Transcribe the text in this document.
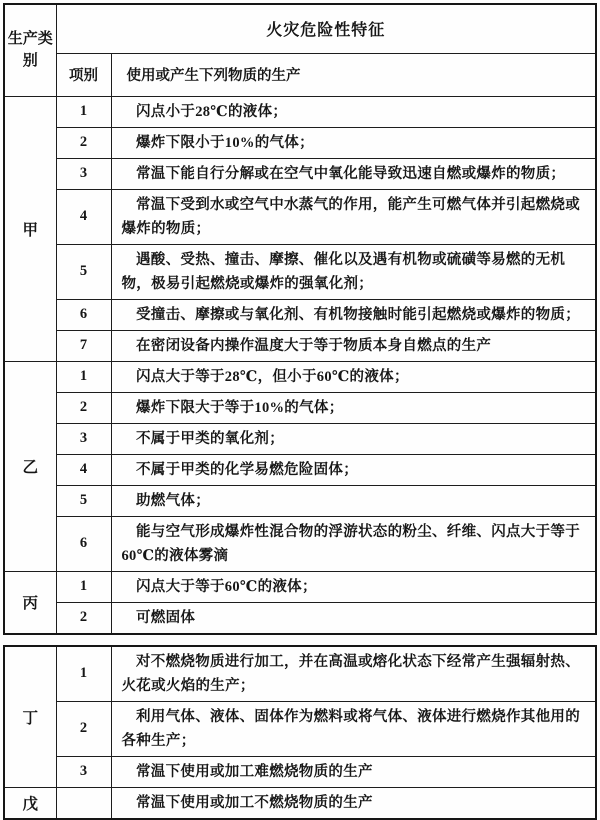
生产类别	火灾危险性特征	
	项别	使用或产生下列物质的生产
甲	1	闪点小于28℃的液体；

	2	爆炸下限小于10%的气体；

	3	常温下能自行分解或在空气中氧化能导致迅速自燃或爆炸的物质；

	4	常温下受到水或空气中水蒸气的作用，能产生可燃气体并引起燃烧或爆炸的物质；

	5	遇酸、受热、撞击、摩擦、催化以及遇有机物或硫磺等易燃的无机物，极易引起燃烧或爆炸的强氧化剂；

	6	受撞击、摩擦或与氧化剂、有机物接触时能引起燃烧或爆炸的物质；

	7	在密闭设备内操作温度大于等于物质本身自燃点的生产

乙	1	闪点大于等于28℃，但小于60℃的液体；

	2	爆炸下限大于等于10%的气体；

	3	不属于甲类的氧化剂；

	4	不属于甲类的化学易燃危险固体；

	5	助燃气体；

	6	能与空气形成爆炸性混合物的浮游状态的粉尘、纤维、闪点大于等于60℃的液体雾滴

丙	1	闪点大于等于60℃的液体；

	2	可燃固体

丁	1	对不燃烧物质进行加工，并在高温或熔化状态下经常产生强辐射热、火花或火焰的生产；

	2	利用气体、液体、固体作为燃料或将气体、液体进行燃烧作其他用的各种生产；

	3	常温下使用或加工难燃烧物质的生产

戊		常温下使用或加工不燃烧物质的生产
